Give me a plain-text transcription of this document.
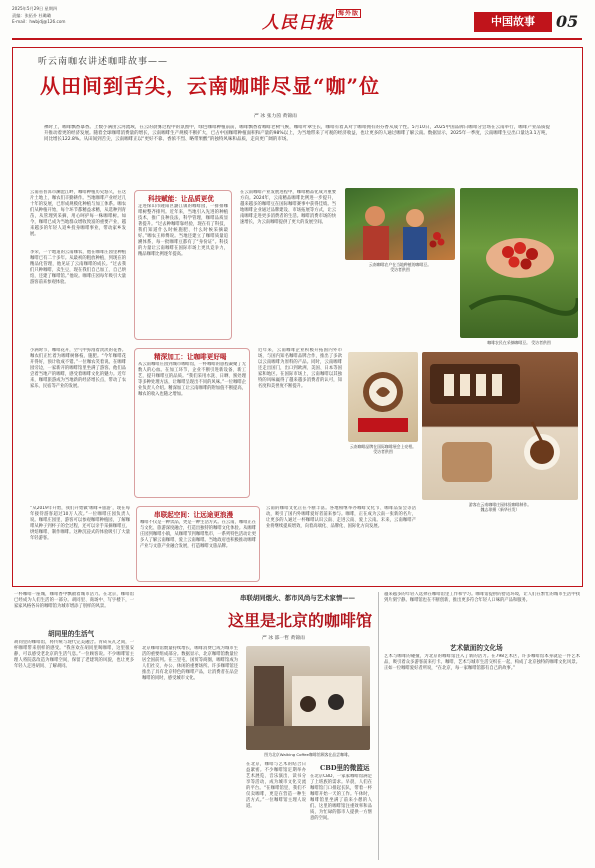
2025年5月29日 星期四
责编：张拓扑 杜璐璐
E-mail：hwbjdj@126.com	人民日报 $^{海外版}$
中国故事	05
听云南咖农讲述咖啡故事——
从田间到舌尖，云南咖啡尽显“咖”位
严 冰 张力茵 黄锦雨
裸时上，咖啡飘香暴香。上数小满由云河流域，在云的晨雾过程中的氛围中，绿色咖啡种植前前，咖啡飘香着咖啡老树气候，咖啡叶翠生长，咖啡有着其对于咖啡拥有的芬香从成个性。5月10日，2025中国品牌日咖啡分会场在云南举行，咖啡产业品质提升推动着更的经济发展。随着全球咖啡消费量的增长，云南咖啡生产规模不断扩大，已占中国咖啡种植面积和产量的98%以上，为当地带来了可观的经济收益，也让更多的人通过咖啡了解云南。数据显示，2025年一季度，云南咖啡生豆出口量达3.1万吨，同比增长122.8%。从田间到舌尖，云南咖啡正以“更好不靠、香浓不烈、略带果酸”的独特风味和品质，走向更广阔的市场。
云南省普洱市澜沧江畔，咖啡种植历史悠久，在这片土地上，咖农们辛勤耕作。当地咖啡产业经过几十年的发展，已形成规模化种植与加工体系。咖农们从种植开始，每个环节都精益求精，从选种到育苗，从管理到采摘，用心呵护每一株咖啡树。如今，咖啡已成为当地群众增收致富的重要产业，越来越多的年轻人返乡投身咖啡事业，带动家乡发展。
李荣，一个地道的云南咖农，他在咖啡庄园里种植咖啡已有二十多年。从最初的粗放种植，到现在的精品化管理，他见证了云南咖啡的成长。“过去我们只种咖啡，卖生豆，现在我们自己加工、自己烘焙，还建了咖啡馆。”他说。咖啡庄园每年吸引大量游客前来参观体验。
科技赋能：让品质更优
走进保山市隆阳区潞江镇的咖啡园，一排排咖啡树整齐排列。近年来，当地引入先进的种植技术，推广良种良法，科学管理，咖啡品质显著提升。“过去种咖啡靠经验，现在有了科技，我们知道什么时候施肥、什么时候采摘最好。”咖农王师傅说。当地还建立了咖啡质量追溯体系，每一批咖啡豆都有了“身份证”。科技的力量让云南咖啡在国际市场上更具竞争力，精品咖啡比例逐年提高。
在云南咖啡产业发展进程中，咖啡精品化成为重要方向。2024年，云南精品咖啡比例进一步提升，越来越多的咖啡豆在国际咖啡赛事中获得佳绩。当地咖啡企业通过品牌建设、市场拓展等方式，让云南咖啡走进更多消费者的生活。咖啡消费市场的快速增长，为云南咖啡提供了更大的发展空间。
云南咖啡农户在当地种植的咖啡豆。
受访者供图
咖啡农民在采摘咖啡豆。 受访者供图
小满时节，咖啡花开，空气中弥漫着淡淡的花香。咖农们正忙着为咖啡树修枝、施肥。“今年咖啡花开得好，预计收成不错。”一位咖农笑着说。在咖啡园旁边，一家新开的咖啡馆里坐满了游客。他们品尝着当地产的咖啡，感受着咖啡文化的魅力。近年来，咖啡旅游成为当地新的经济增长点，带动了农家乐、民宿等产业的发展。
精深加工：让咖啡更好喝
从云南咖啡庄园到城市咖啡馆，一杯咖啡的旅程凝聚了无数人的心血。在加工环节，企业不断引进新设备、新工艺，提升咖啡豆的品质。“我们采用水洗、日晒、蜜处理等多种处理方法，让咖啡呈现出不同的风味。”一位咖啡企业负责人介绍。精深加工让云南咖啡的附加值不断提高，咖农的收入也随之增加。
近年来，云南咖啡企业积极开拓国内外市场，与国内知名咖啡品牌合作，推出了多款以云南咖啡为原料的产品。同时，云南咖啡还走出国门，出口到欧洲、美国、日本等国家和地区。在国际市场上，云南咖啡以其独特的风味赢得了越来越多消费者的认可，知名度和美誉度不断提升。
云南咖啡品牌在国际咖啡展会上亮相。
受访者供图
游客在云南咖啡庄园体验咖啡制作。
魏志琼摄（新华社发）
“从2019年开始，我们开始做‘咖啡+旅游’，现在每年接待游客超过10万人次。”一位咖啡庄园负责人说。咖啡庄园里，游客可以参观咖啡种植园，了解咖啡从种子到杯子的全过程，还可以亲手采摘咖啡豆、烘焙咖啡、制作咖啡。这种沉浸式的体验吸引了大量年轻游客。
串联起空间：让远途更浪漫
咖啡不仅是一种饮品，更是一种生活方式。在云南，咖啡正在与文化、旅游深度融合，打造出独特的咖啡文化体验。从咖啡庄园到咖啡小镇，从咖啡节到咖啡集市，一系列特色活动让更多人了解云南咖啡、爱上云南咖啡。当地政府也积极推动咖啡产业与文旅产业融合发展，打造咖啡文旅品牌。
云南的咖啡文化正在不断丰富。各地相继举办咖啡文化节、咖啡品鉴会等活动，吸引了国内外咖啡爱好者前来参与。咖啡，正在成为云南一张新的名片，让更多的人通过一杯咖啡认识云南、走进云南、爱上云南。未来，云南咖啡产业将继续提质增效，向着高端化、品牌化、国际化方向发展。
一杯咖啡一座城，咖啡香中飘散着城市活力。在北京，咖啡馆已经成为人们生活的一部分。胡同里、商场中、写字楼下，一家家风格各异的咖啡馆为城市增添了别样的风景。
胡同里的生活气
胡同里的咖啡馆，将传统与现代完美融合。青砖灰瓦之间，一杯咖啡带来别样的感受。“我喜欢在胡同里喝咖啡，这里很安静，可以感受老北京的生活气息。”一位顾客说。不少咖啡馆主理人将院落改造为咖啡空间，保留了老建筑的风貌，也让更多年轻人走进胡同、了解胡同。
串联胡同烟火、都市风尚与艺术家情——
这里是北京的咖啡馆
严 冰 邵一哲 黄锦雨
北京咖啡馆数量持续增长，咖啡消费已成为城市生活的重要组成部分。数据显示，北京咖啡馆数量位居全国前列。在三里屯、国贸等商圈，咖啡馆成为人们社交、办公、休闲的重要场所。许多咖啡馆还推出了具有北京特色的咖啡产品，让消费者在品尝咖啡的同时，感受城市文化。
图为北京Walking Coffee咖啡馆顾客在品尝咖啡。
在北京，咖啡与艺术的结合日益紧密。不少咖啡馆定期举办艺术展览、音乐演出、读书分享等活动，成为城市文化交流的平台。“在咖啡馆里，我们不仅卖咖啡，更是在营造一种生活方式。”一位咖啡馆主理人说道。
CBD里的微篮运
在北京CBD，一家家咖啡馆满足了上班族的需求。早晨，人们在咖啡馆门口排起长队，带着一杯咖啡开始一天的工作。午休时，咖啡馆里坐满了前来小憩的人们。这里的咖啡馆注重效率和品质，为忙碌的都市人提供一方惬意的空间。
越来越多的年轻人选择在咖啡馆里工作和学习。咖啡馆提供的舒适环境，让人们在繁忙的城市生活中找到片刻宁静。咖啡馆也在不断创新，推出更多符合年轻人口味的产品和服务。
艺术做面的文化场
艺术与咖啡的碰撞，为北京的咖啡馆注入了新的活力。在798艺术区，许多咖啡馆本身就是一件艺术品，吸引着众多游客前来打卡。咖啡、艺术与城市生活交织在一起，构成了北京独特的咖啡文化风景。正如一位咖啡爱好者所说，“在北京，每一家咖啡馆都有自己的故事。”
